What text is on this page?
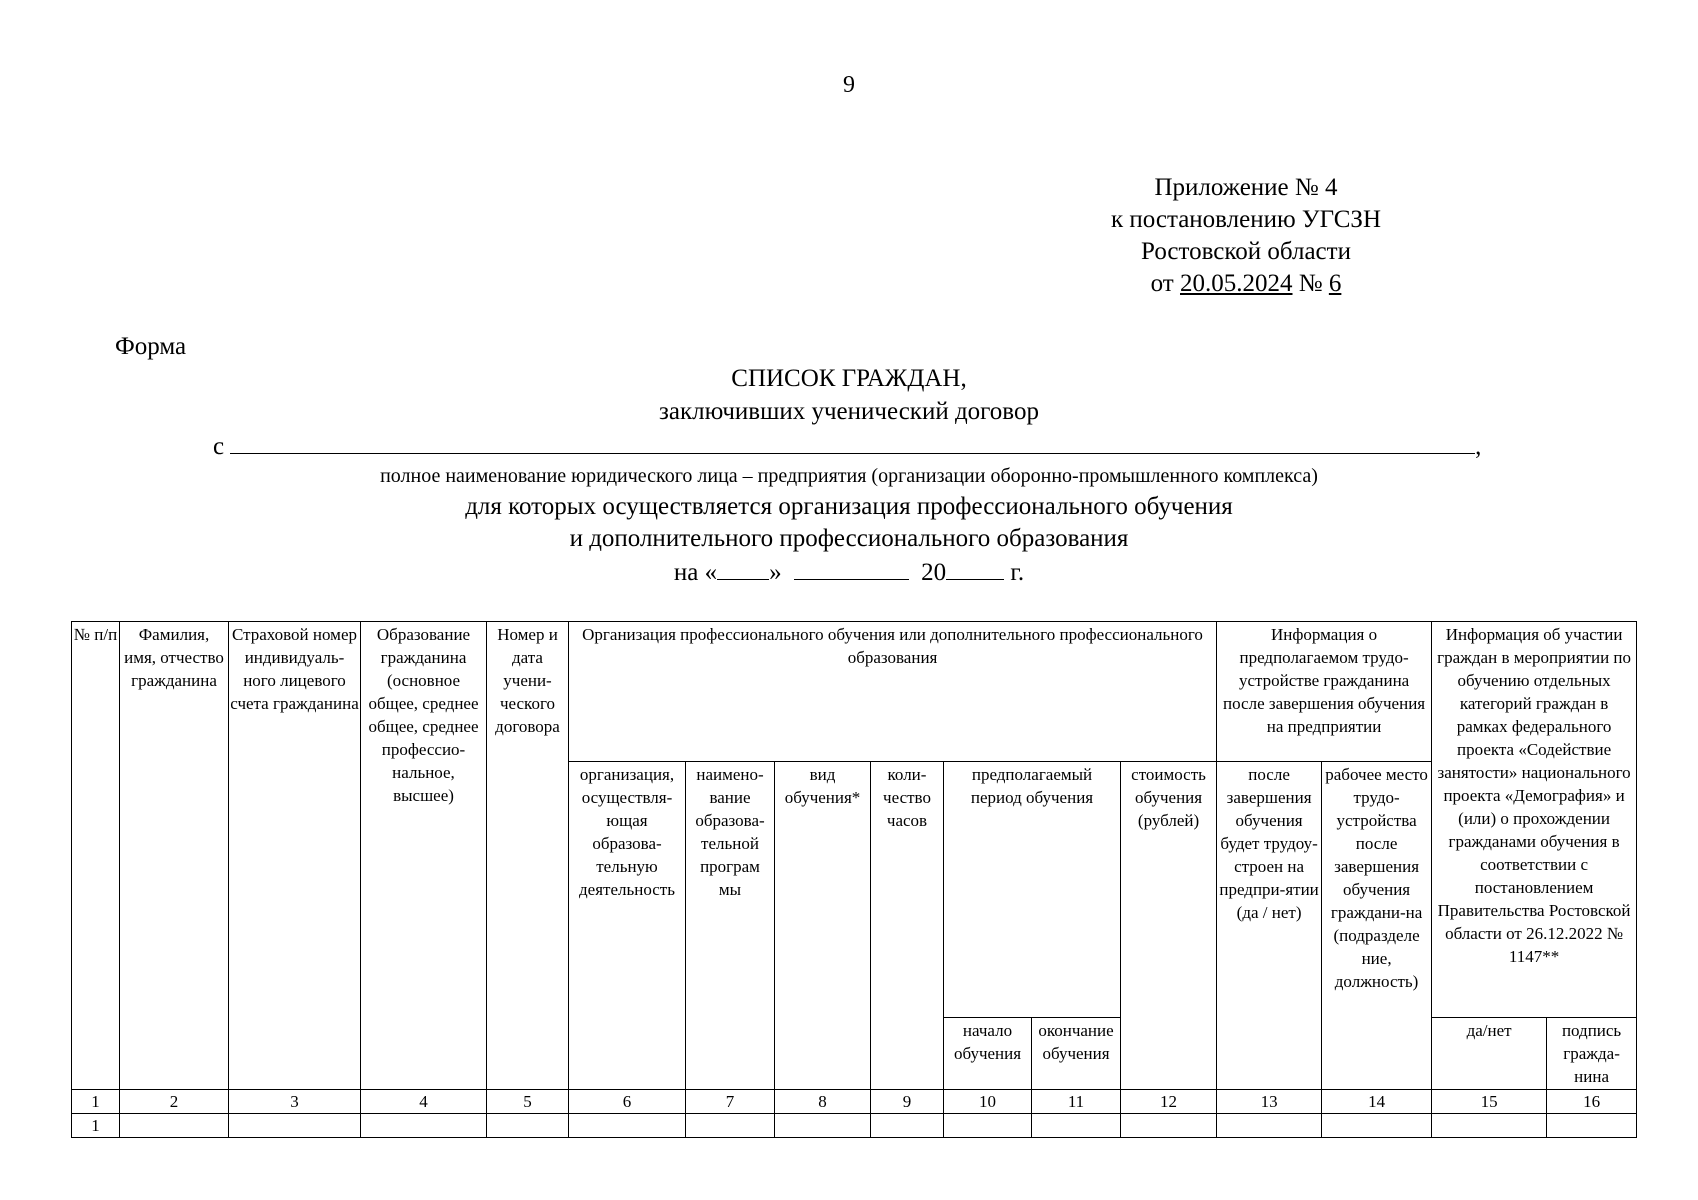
9
Приложение № 4
к постановлению УГСЗН
Ростовской области
от 20.05.2024 № 6
Форма
СПИСОК ГРАЖДАН,
заключивших ученический договор
с	,
полное наименование юридического лица – предприятия (организации оборонно-промышленного комплекса)
для которых осуществляется организация профессионального обучения
и дополнительного профессионального образования
на « »	20	г.
№ п/п	Фамилия, имя, отчество гражданина	Страховой номер индивидуаль-ного лицевого счета гражданина	Образование гражданина (основное общее, среднее общее, среднее профессио-нальное, высшее)	Номер и дата учени-ческого договора	Организация профессионального обучения или дополнительного профессионального образования							Информация о предполагаемом трудо-устройстве гражданина после завершения обучения на предприятии		Информация об участии граждан в мероприятии по обучению отдельных категорий граждан в рамках федерального проекта «Содействие занятости» национального проекта «Демография» и (или) о прохождении гражданами обучения в соответствии с постановлением Правительства Ростовской области от 26.12.2022 № 1147**	
					организация, осуществля-ющая образова-тельную деятельность	наимено-вание образова-тельной програм мы	вид обучения*	коли-чество часов	предполагаемый период обучения		стоимость обучения (рублей)	после завершения обучения будет трудоу-строен на предпри-ятии (да / нет)	рабочее место трудо-устройства после завершения обучения граждани-на (подразделе ние, должность)		
									начало обучения	окончание обучения				да/нет	подпись гражда-нина
1	2	3	4	5	6	7	8	9	10	11	12	13	14	15	16
1															
